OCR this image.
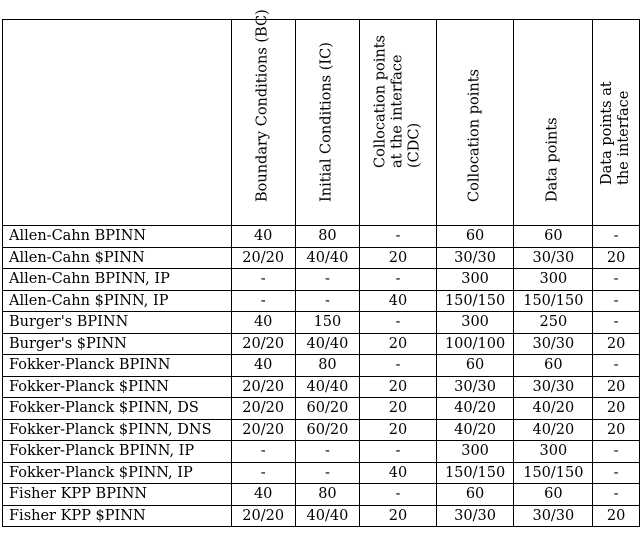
	Boundary Conditions (BC)	Initial Conditions (IC)	Collocation points at the interface (CDC)	Collocation points	Data points	Data points at the interface

Allen-Cahn BPINN	40	80	-	60	60	-
Allen-Cahn $PINN	20/20	40/40	20	30/30	30/30	20
Allen-Cahn BPINN, IP	-	-	-	300	300	-
Allen-Cahn $PINN, IP	-	-	40	150/150	150/150	-
Burger's BPINN	40	150	-	300	250	-
Burger's $PINN	20/20	40/40	20	100/100	30/30	20
Fokker-Planck BPINN	40	80	-	60	60	-
Fokker-Planck $PINN	20/20	40/40	20	30/30	30/30	20
Fokker-Planck $PINN, DS	20/20	60/20	20	40/20	40/20	20
Fokker-Planck $PINN, DNS	20/20	60/20	20	40/20	40/20	20
Fokker-Planck BPINN, IP	-	-	-	300	300	-
Fokker-Planck $PINN, IP	-	-	40	150/150	150/150	-
Fisher KPP BPINN	40	80	-	60	60	-
Fisher KPP $PINN	20/20	40/40	20	30/30	30/30	20
